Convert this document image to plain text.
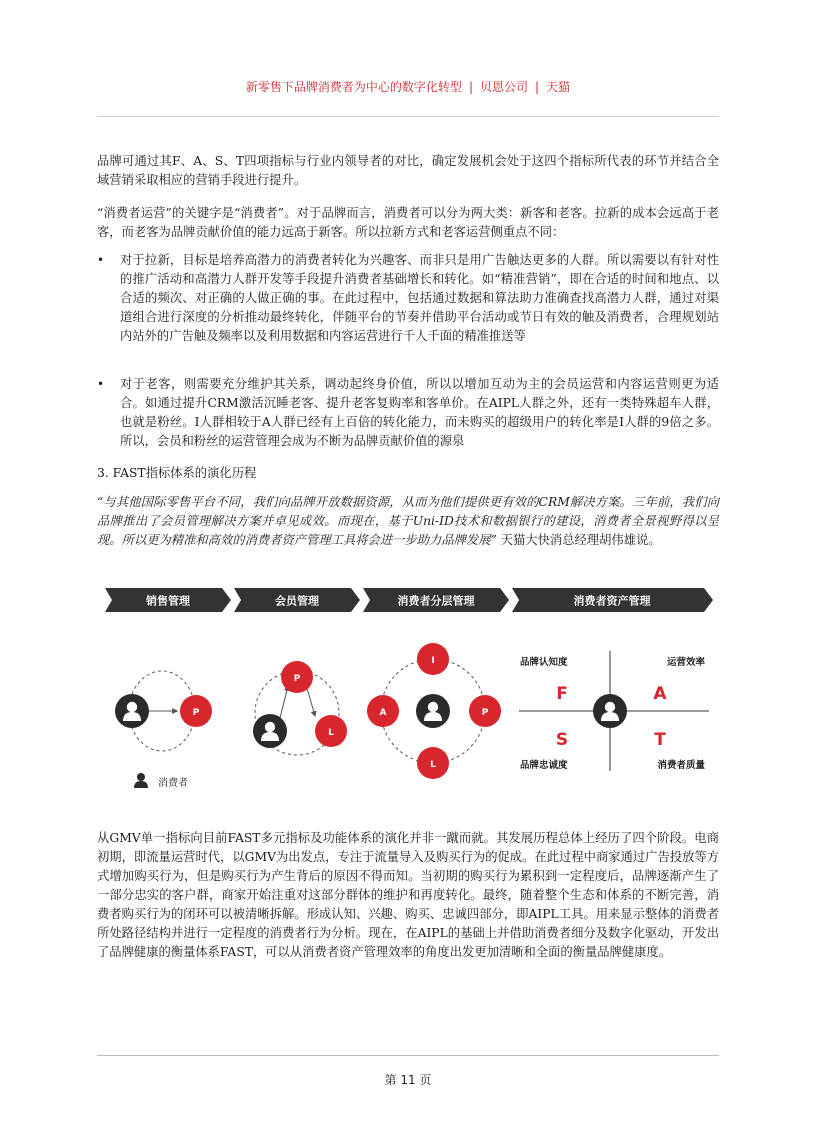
新零售下品牌消费者为中心的数字化转型 | 贝恩公司 | 天猫
品牌可通过其F、A、S、T四项指标与行业内领导者的对比，确定发展机会处于这四个指标所代表的环节并结合全域营销采取相应的营销手段进行提升。
“消费者运营”的关键字是“消费者”。对于品牌而言，消费者可以分为两大类：新客和老客。拉新的成本会远高于老客，而老客为品牌贡献价值的能力远高于新客。所以拉新方式和老客运营侧重点不同：
• 对于拉新，目标是培养高潜力的消费者转化为兴趣客、而非只是用广告触达更多的人群。所以需要以有针对性的推广活动和高潜力人群开发等手段提升消费者基础增长和转化。如“精准营销”，即在合适的时间和地点、以合适的频次、对正确的人做正确的事。在此过程中，包括通过数据和算法助力准确查找高潜力人群，通过对渠道组合进行深度的分析推动最终转化，伴随平台的节奏并借助平台活动或节日有效的触及消费者，合理规划站内站外的广告触及频率以及利用数据和内容运营进行千人千面的精准推送等
• 对于老客，则需要充分维护其关系，调动起终身价值，所以以增加互动为主的会员运营和内容运营则更为适合。如通过提升CRM激活沉睡老客、提升老客复购率和客单价。在AIPL人群之外，还有一类特殊超车人群，也就是粉丝。I人群相较于A人群已经有上百倍的转化能力，而未购买的超级用户的转化率是I人群的9倍之多。所以，会员和粉丝的运营管理会成为不断为品牌贡献价值的源泉
3. FAST指标体系的演化历程
“与其他国际零售平台不同，我们向品牌开放数据资源，从而为他们提供更有效的CRM解决方案。三年前，我们向品牌推出了会员管理解决方案并卓见成效。而现在，基于Uni-ID技术和数据银行的建设，消费者全景视野得以呈现。所以更为精准和高效的消费者资产管理工具将会进一步助力品牌发展” 天猫大快消总经理胡伟雄说。
销售管理	会员管理	消费者分层管理	消费者资产管理
P
P
L
I
A	P
L
品牌认知度	运营效率
品牌忠诚度	消费者质量
F	A
S	T
消费者
从GMV单一指标向目前FAST多元指标及功能体系的演化并非一蹴而就。其发展历程总体上经历了四个阶段。电商初期，即流量运营时代，以GMV为出发点，专注于流量导入及购买行为的促成。在此过程中商家通过广告投放等方式增加购买行为，但是购买行为产生背后的原因不得而知。当初期的购买行为累积到一定程度后，品牌逐渐产生了一部分忠实的客户群，商家开始注重对这部分群体的维护和再度转化。最终，随着整个生态和体系的不断完善，消费者购买行为的闭环可以被清晰拆解。形成认知、兴趣、购买、忠诚四部分，即AIPL工具。用来显示整体的消费者所处路径结构并进行一定程度的消费者行为分析。现在，在AIPL的基础上并借助消费者细分及数字化驱动，开发出了品牌健康的衡量体系FAST，可以从消费者资产管理效率的角度出发更加清晰和全面的衡量品牌健康度。
第 11 页
